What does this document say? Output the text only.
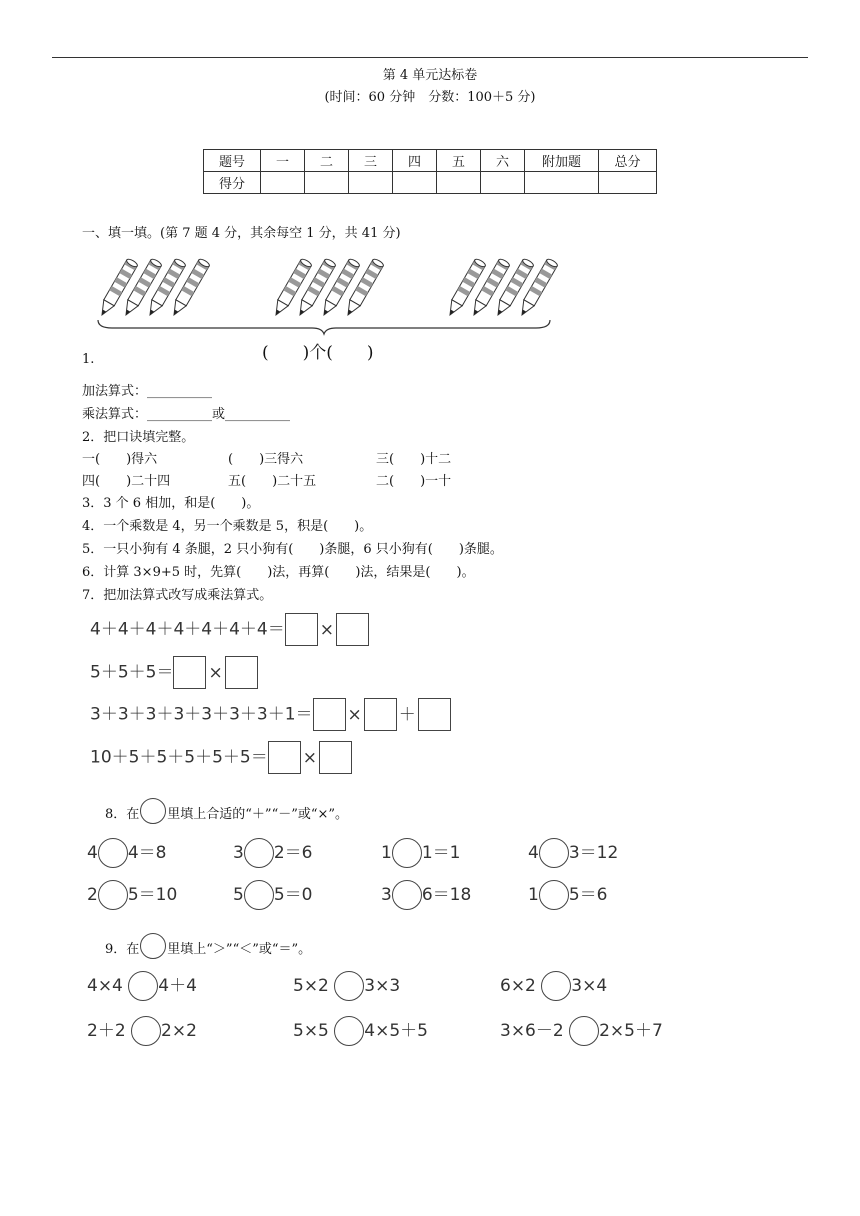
第 4 单元达标卷
(时间：60 分钟　分数：100＋5 分)
题号	一	二	三	四	五	六	附加题	总分
得分								
一、填一填。(第 7 题 4 分，其余每空 1 分，共 41 分)
(　　)个(　　)
1.
加法算式：__________
乘法算式：__________或__________
2．把口诀填完整。
一(　　)得六	(　　)三得六	三(　　)十二
四(　　)二十四	五(　　)二十五	二(　　)一十
3．3 个 6 相加，和是(　　)。
4．一个乘数是 4，另一个乘数是 5，积是(　　)。
5．一只小狗有 4 条腿，2 只小狗有(　　)条腿，6 只小狗有(　　)条腿。
6．计算 3×9+5 时，先算(　　)法，再算(　　)法，结果是(　　)。
7．把加法算式改写成乘法算式。
4＋4＋4＋4＋4＋4＋4＝ ×
5＋5＋5＝ ×
3＋3＋3＋3＋3＋3＋3＋1＝ × ＋
10＋5＋5＋5＋5＋5＝ ×
8．在 里填上合适的“＋”“－”或“×”。
4 4＝8	3 2＝6	1 1＝1	4 3＝12
2 5＝10	5 5＝0	3 6＝18	1 5＝6
9．在 里填上“＞”“＜”或“＝”。
4×4 4＋4	5×2 3×3	6×2 3×4
2＋2 2×2	5×5 4×5＋5	3×6－2 2×5＋7
